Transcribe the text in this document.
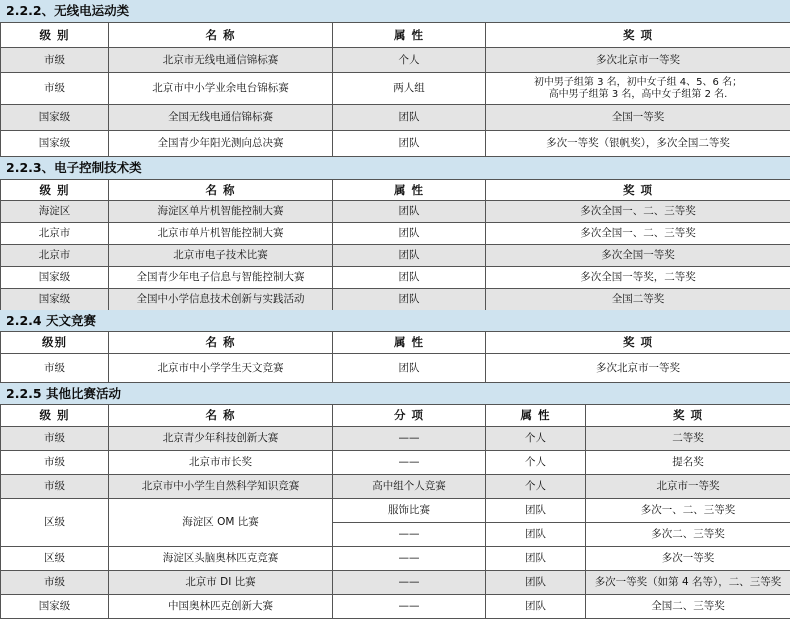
2.2.2、无线电运动类
级 别	名 称	属 性	奖 项
市级	北京市无线电通信锦标赛	个人	多次北京市一等奖
市级	北京市中小学业余电台锦标赛	两人组	初中男子组第 3 名，初中女子组 4、5、6 名；
高中男子组第 3 名，高中女子组第 2 名.
国家级	全国无线电通信锦标赛	团队	全国一等奖
国家级	全国青少年阳光测向总决赛	团队	多次一等奖（银帆奖），多次全国二等奖
2.2.3、电子控制技术类
级 别	名 称	属 性	奖 项
海淀区	海淀区单片机智能控制大赛	团队	多次全国一、二、三等奖
北京市	北京市单片机智能控制大赛	团队	多次全国一、二、三等奖
北京市	北京市电子技术比赛	团队	多次全国一等奖
国家级	全国青少年电子信息与智能控制大赛	团队	多次全国一等奖，二等奖
国家级	全国中小学信息技术创新与实践活动	团队	全国二等奖
2.2.4 天文竞赛
级别	名 称	属 性	奖 项
市级	北京市中小学学生天文竞赛	团队	多次北京市一等奖
2.2.5 其他比赛活动
级 别	名 称	分 项	属 性	奖 项
市级	北京青少年科技创新大赛	——	个人	二等奖
市级	北京市市长奖	——	个人	提名奖
市级	北京市中小学生自然科学知识竞赛	高中组个人竞赛	个人	北京市一等奖
区级	海淀区 OM 比赛	服饰比赛	团队	多次一、二、三等奖
		——	团队	多次二、三等奖
区级	海淀区头脑奥林匹克竞赛	——	团队	多次一等奖
市级	北京市 DI 比赛	——	团队	多次一等奖（如第 4 名等），二、三等奖
国家级	中国奥林匹克创新大赛	——	团队	全国二、三等奖
